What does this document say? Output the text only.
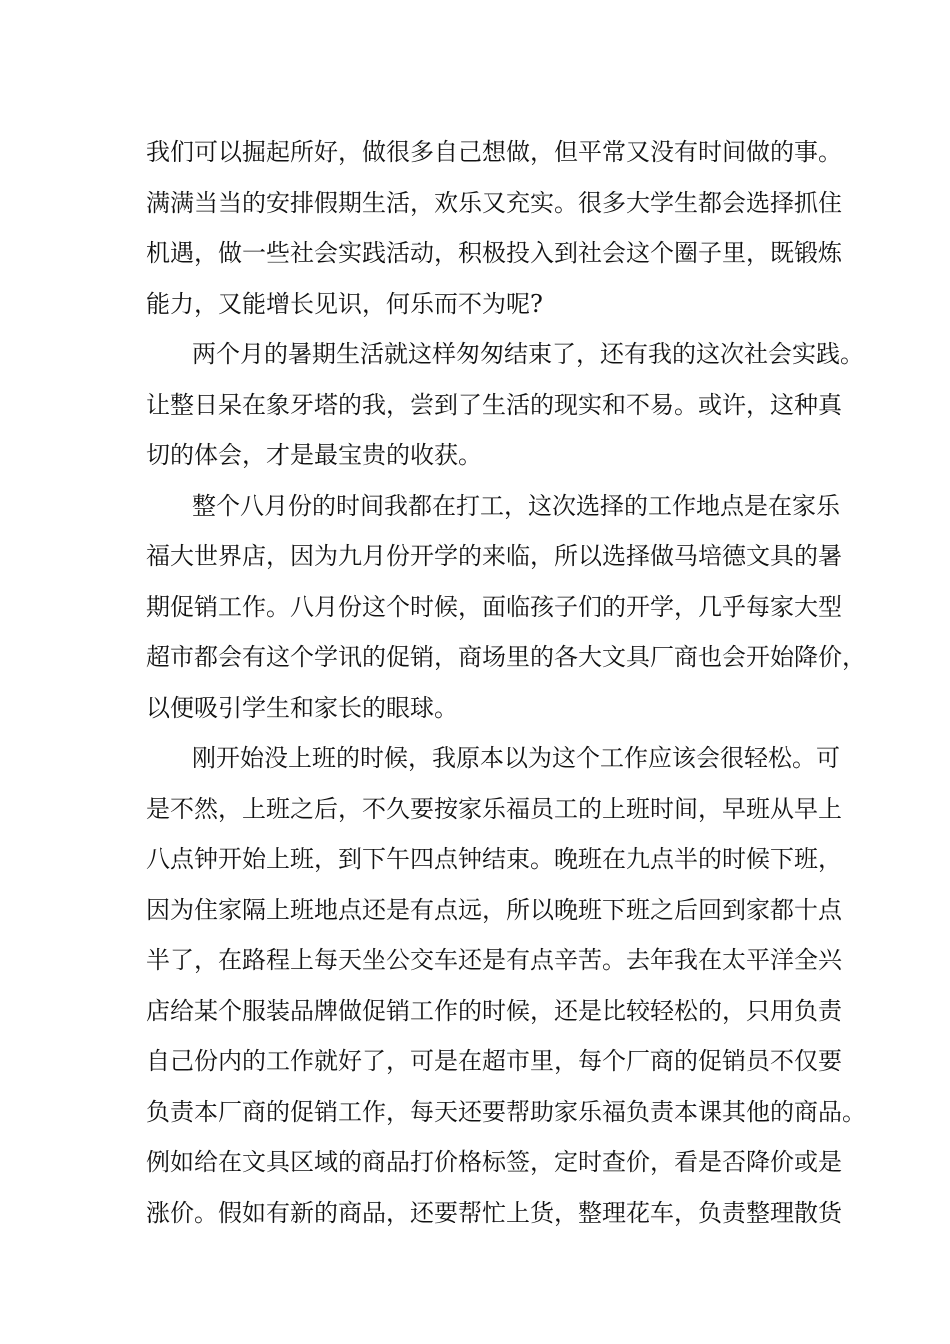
我们可以掘起所好，做很多自己想做，但平常又没有时间做的事。
满满当当的安排假期生活，欢乐又充实。很多大学生都会选择抓住
机遇，做一些社会实践活动，积极投入到社会这个圈子里，既锻炼
能力，又能增长见识，何乐而不为呢?
两个月的暑期生活就这样匆匆结束了，还有我的这次社会实践。
让整日呆在象牙塔的我，尝到了生活的现实和不易。或许，这种真
切的体会，才是最宝贵的收获。
整个八月份的时间我都在打工，这次选择的工作地点是在家乐
福大世界店，因为九月份开学的来临，所以选择做马培德文具的暑
期促销工作。八月份这个时候，面临孩子们的开学，几乎每家大型
超市都会有这个学讯的促销，商场里的各大文具厂商也会开始降价，
以便吸引学生和家长的眼球。
刚开始没上班的时候，我原本以为这个工作应该会很轻松。可
是不然，上班之后，不久要按家乐福员工的上班时间，早班从早上
八点钟开始上班，到下午四点钟结束。晚班在九点半的时候下班，
因为住家隔上班地点还是有点远，所以晚班下班之后回到家都十点
半了，在路程上每天坐公交车还是有点辛苦。去年我在太平洋全兴
店给某个服装品牌做促销工作的时候，还是比较轻松的，只用负责
自己份内的工作就好了，可是在超市里，每个厂商的促销员不仅要
负责本厂商的促销工作，每天还要帮助家乐福负责本课其他的商品。
例如给在文具区域的商品打价格标签，定时查价，看是否降价或是
涨价。假如有新的商品，还要帮忙上货，整理花车，负责整理散货
